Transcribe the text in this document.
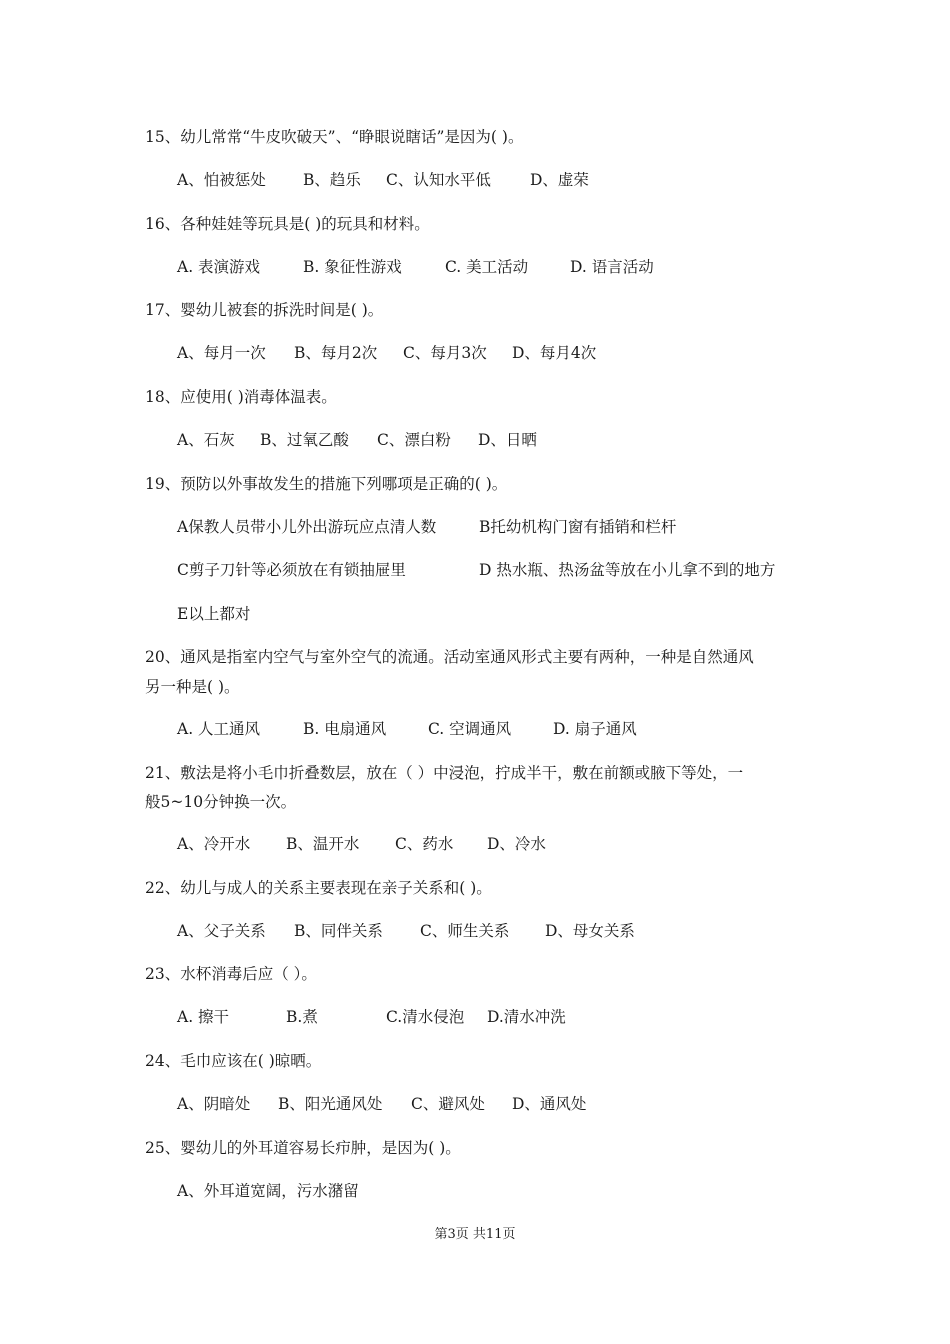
15、幼儿常常“牛皮吹破天”、“睁眼说瞎话”是因为( )。
A、怕被惩处 B、趋乐 C、认知水平低	D、虚荣
16、各种娃娃等玩具是( )的玩具和材料。
A. 表演游戏	B. 象征性游戏	C. 美工活动	D. 语言活动
17、婴幼儿被套的拆洗时间是( )。
A、每月一次 B、每月2次 C、每月3次 D、每月4次
18、应使用( )消毒体温表。
A、石灰 B、过氧乙酸 C、漂白粉 D、日晒
19、预防以外事故发生的措施下列哪项是正确的( )。
A保教人员带小儿外出游玩应点清人数	B托幼机构门窗有插销和栏杆
C剪子刀针等必须放在有锁抽屉里	D 热水瓶、热汤盆等放在小儿拿不到的地方
E以上都对
20、通风是指室内空气与室外空气的流通。活动室通风形式主要有两种，一种是自然通风
另一种是( )。
A. 人工通风	B. 电扇通风	C. 空调通风	D. 扇子通风
21、敷法是将小毛巾折叠数层，放在（ ）中浸泡，拧成半干，敷在前额或腋下等处，一
般5~10分钟换一次。
A、冷开水 B、温开水 C、药水 D、冷水
22、幼儿与成人的关系主要表现在亲子关系和( )。
A、父子关系 B、同伴关系 C、师生关系 D、母女关系
23、水杯消毒后应（ ）。
A. 擦干	B.煮	C.清水侵泡 D.清水冲洗
24、毛巾应该在( )晾晒。
A、阴暗处 B、阳光通风处 C、避风处 D、通风处
25、婴幼儿的外耳道容易长疖肿，是因为( )。
A、外耳道宽阔，污水潴留
第3页 共11页
